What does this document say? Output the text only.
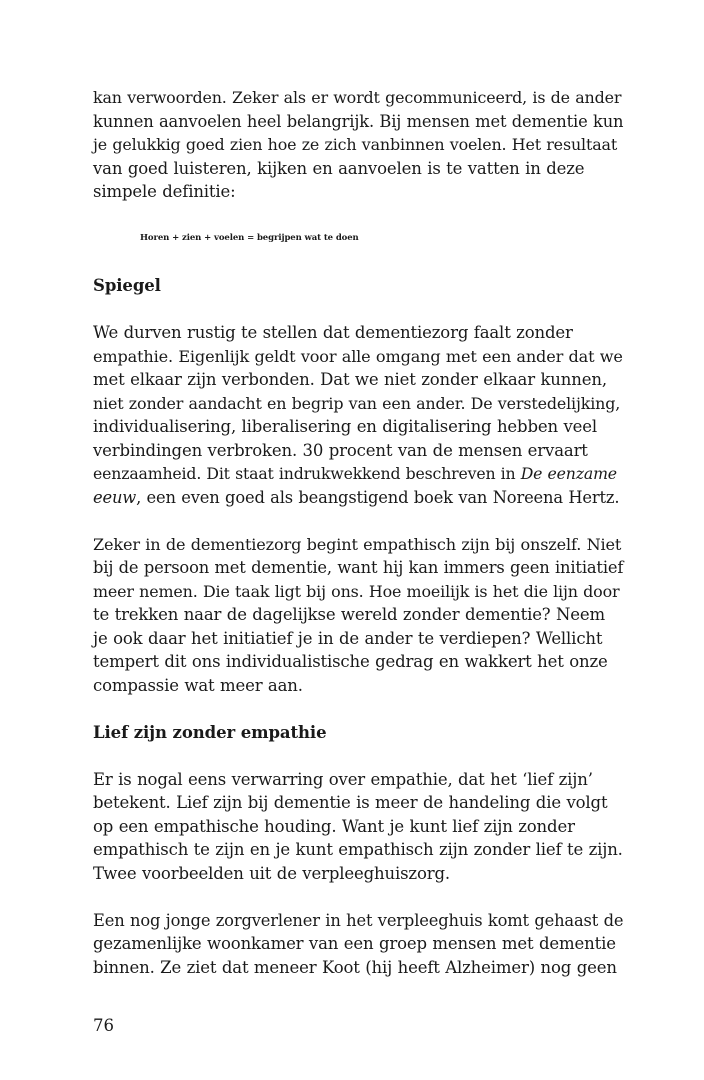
kan verwoorden. Zeker als er wordt gecommuniceerd, is de ander
kunnen aanvoelen heel belangrijk. Bij mensen met dementie kun
je gelukkig goed zien hoe ze zich vanbinnen voelen. Het resultaat
van goed luisteren, kijken en aanvoelen is te vatten in deze
simpele definitie:

Horen + zien + voelen = begrijpen wat te doen

Spiegel

We durven rustig te stellen dat dementiezorg faalt zonder
empathie. Eigenlijk geldt voor alle omgang met een ander dat we
met elkaar zijn verbonden. Dat we niet zonder elkaar kunnen,
niet zonder aandacht en begrip van een ander. De verstedelijking,
individualisering, liberalisering en digitalisering hebben veel
verbindingen verbroken. 30 procent van de mensen ervaart
eenzaamheid. Dit staat indrukwekkend beschreven in De eenzame
eeuw, een even goed als beangstigend boek van Noreena Hertz.

Zeker in de dementiezorg begint empathisch zijn bij onszelf. Niet
bij de persoon met dementie, want hij kan immers geen initiatief
meer nemen. Die taak ligt bij ons. Hoe moeilijk is het die lijn door
te trekken naar de dagelijkse wereld zonder dementie? Neem
je ook daar het initiatief je in de ander te verdiepen? Wellicht
tempert dit ons individualistische gedrag en wakkert het onze
compassie wat meer aan.

Lief zijn zonder empathie

Er is nogal eens verwarring over empathie, dat het ‘lief zijn’
betekent. Lief zijn bij dementie is meer de handeling die volgt
op een empathische houding. Want je kunt lief zijn zonder
empathisch te zijn en je kunt empathisch zijn zonder lief te zijn.
Twee voorbeelden uit de verpleeghuiszorg.

Een nog jonge zorgverlener in het verpleeghuis komt gehaast de
gezamenlijke woonkamer van een groep mensen met dementie
binnen. Ze ziet dat meneer Koot (hij heeft Alzheimer) nog geen

76
